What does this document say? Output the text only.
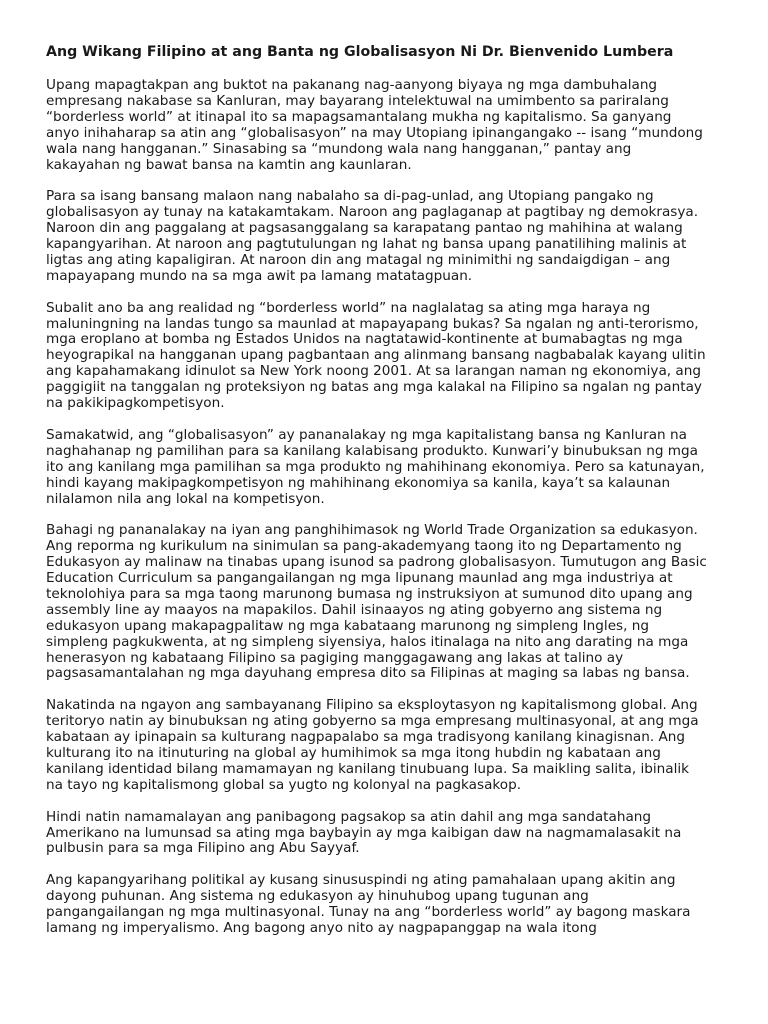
Ang Wikang Filipino at ang Banta ng Globalisasyon Ni Dr. Bienvenido Lumbera

Upang mapagtakpan ang buktot na pakanang nag-aanyong biyaya ng mga dambuhalang
empresang nakabase sa Kanluran, may bayarang intelektuwal na umimbento sa pariralang
“borderless world” at itinapal ito sa mapagsamantalang mukha ng kapitalismo. Sa ganyang
anyo inihaharap sa atin ang “globalisasyon” na may Utopiang ipinangangako -- isang “mundong
wala nang hangganan.” Sinasabing sa “mundong wala nang hangganan,” pantay ang
kakayahan ng bawat bansa na kamtin ang kaunlaran.

Para sa isang bansang malaon nang nabalaho sa di-pag-unlad, ang Utopiang pangako ng
globalisasyon ay tunay na katakamtakam. Naroon ang paglaganap at pagtibay ng demokrasya.
Naroon din ang paggalang at pagsasanggalang sa karapatang pantao ng mahihina at walang
kapangyarihan. At naroon ang pagtutulungan ng lahat ng bansa upang panatilihing malinis at
ligtas ang ating kapaligiran. At naroon din ang matagal ng minimithi ng sandaigdigan – ang
mapayapang mundo na sa mga awit pa lamang matatagpuan.

Subalit ano ba ang realidad ng “borderless world” na naglalatag sa ating mga haraya ng
maluningning na landas tungo sa maunlad at mapayapang bukas? Sa ngalan ng anti-terorismo,
mga eroplano at bomba ng Estados Unidos na nagtatawid-kontinente at bumabagtas ng mga
heyograpikal na hangganan upang pagbantaan ang alinmang bansang nagbabalak kayang ulitin
ang kapahamakang idinulot sa New York noong 2001. At sa larangan naman ng ekonomiya, ang
paggigiit na tanggalan ng proteksiyon ng batas ang mga kalakal na Filipino sa ngalan ng pantay
na pakikipagkompetisyon.

Samakatwid, ang “globalisasyon” ay pananalakay ng mga kapitalistang bansa ng Kanluran na
naghahanap ng pamilihan para sa kanilang kalabisang produkto. Kunwari’y binubuksan ng mga
ito ang kanilang mga pamilihan sa mga produkto ng mahihinang ekonomiya. Pero sa katunayan,
hindi kayang makipagkompetisyon ng mahihinang ekonomiya sa kanila, kaya’t sa kalaunan
nilalamon nila ang lokal na kompetisyon.

Bahagi ng pananalakay na iyan ang panghihimasok ng World Trade Organization sa edukasyon.
Ang reporma ng kurikulum na sinimulan sa pang-akademyang taong ito ng Departamento ng
Edukasyon ay malinaw na tinabas upang isunod sa padrong globalisasyon. Tumutugon ang Basic
Education Curriculum sa pangangailangan ng mga lipunang maunlad ang mga industriya at
teknolohiya para sa mga taong marunong bumasa ng instruksiyon at sumunod dito upang ang
assembly line ay maayos na mapakilos. Dahil isinaayos ng ating gobyerno ang sistema ng
edukasyon upang makapagpalitaw ng mga kabataang marunong ng simpleng Ingles, ng
simpleng pagkukwenta, at ng simpleng siyensiya, halos itinalaga na nito ang darating na mga
henerasyon ng kabataang Filipino sa pagiging manggagawang ang lakas at talino ay
pagsasamantalahan ng mga dayuhang empresa dito sa Filipinas at maging sa labas ng bansa.

Nakatinda na ngayon ang sambayanang Filipino sa eksploytasyon ng kapitalismong global. Ang
teritoryo natin ay binubuksan ng ating gobyerno sa mga empresang multinasyonal, at ang mga
kabataan ay ipinapain sa kulturang nagpapalabo sa mga tradisyong kanilang kinagisnan. Ang
kulturang ito na itinuturing na global ay humihimok sa mga itong hubdin ng kabataan ang
kanilang identidad bilang mamamayan ng kanilang tinubuang lupa. Sa maikling salita, ibinalik
na tayo ng kapitalismong global sa yugto ng kolonyal na pagkasakop.

Hindi natin namamalayan ang panibagong pagsakop sa atin dahil ang mga sandatahang
Amerikano na lumunsad sa ating mga baybayin ay mga kaibigan daw na nagmamalasakit na
pulbusin para sa mga Filipino ang Abu Sayyaf.

Ang kapangyarihang politikal ay kusang sinususpindi ng ating pamahalaan upang akitin ang
dayong puhunan. Ang sistema ng edukasyon ay hinuhubog upang tugunan ang
pangangailangan ng mga multinasyonal. Tunay na ang “borderless world” ay bagong maskara
lamang ng imperyalismo. Ang bagong anyo nito ay nagpapanggap na wala itong
